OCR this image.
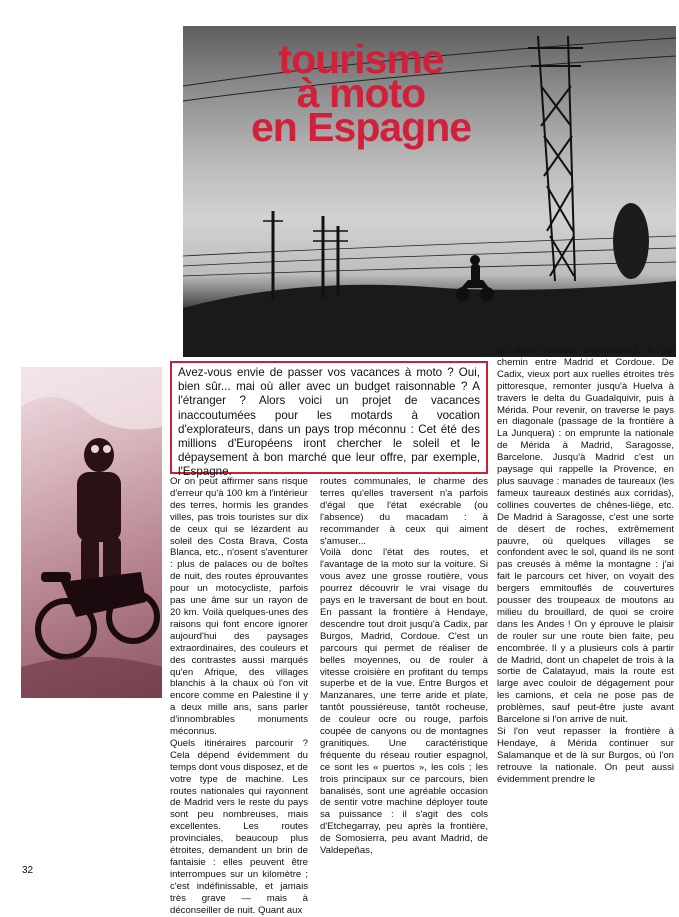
tourisme
à moto
en Espagne

Avez-vous envie de passer vos vacances à moto ? Oui, bien sûr... mai où aller avec un budget raisonnable ? A l'étranger ? Alors voici un projet de vacances inaccoutumées pour les motards à vocation d'explorateurs, dans un pays trop méconnu : Cet été des millions d'Européens iront chercher le soleil et le dépaysement à bon marché que leur offre, par exemple, l'Espagne.

Or on peut affirmer sans risque d'erreur qu'à 100 km à l'intérieur des terres, hormis les grandes villes, pas trois touristes sur dix de ceux qui se lézardent au soleil des Costa Brava, Costa Blanca, etc., n'osent s'aventurer : plus de palaces ou de boîtes de nuit, des routes éprouvantes pour un motocycliste, parfois pas une âme sur un rayon de 20 km. Voilà quelques-unes des raisons qui font encore ignorer aujourd'hui des paysages extraordinaires, des couleurs et des contrastes aussi marqués qu'en Afrique, des villages blanchis à la chaux où l'on vit encore comme en Palestine il y a deux mille ans, sans parler d'innombrables monuments méconnus.

Quels itinéraires parcourir ? Cela dépend évidemment du temps dont vous disposez, et de votre type de machine. Les routes nationales qui rayonnent de Madrid vers le reste du pays sont peu nombreuses, mais excellentes. Les routes provinciales, beaucoup plus étroites, demandent un brin de fantaisie : elles peuvent être interrompues sur un kilomètre ; c'est indéfinissable, et jamais très grave — mais à déconseiller de nuit. Quant aux

routes communales, le charme des terres qu'elles traversent n'a parfois d'égal que l'état exécrable (ou l'absence) du macadam : à recommander à ceux qui aiment s'amuser...

Voilà donc l'état des routes, et l'avantage de la moto sur la voiture. Si vous avez une grosse routière, vous pourrez découvrir le vrai visage du pays en le traversant de bout en bout. En passant la frontière à Hendaye, descendre tout droit jusqu'à Cadix, par Burgos, Madrid, Cordoue. C'est un parcours qui permet de réaliser de belles moyennes, ou de rouler à vitesse croisière en profitant du temps superbe et de la vue. Entre Burgos et Manzanares, une terre aride et plate, tantôt poussiéreuse, tantôt rocheuse, de couleur ocre ou rouge, parfois coupée de canyons ou de montagnes granitiques. Une caractéristique fréquente du réseau routier espagnol, ce sont les « puertos », les cols ; les trois principaux sur ce parcours, bien banalisés, sont une agréable occasion de sentir votre machine déployer toute sa puissance : il s'agit des cols d'Etchegarray, peu après la frontière, de Somosierra, peu avant Madrid, de Valdepeñas,

au décor naturel exceptionnel, à mi-chemin entre Madrid et Cordoue. De Cadix, vieux port aux ruelles étroites très pittoresque, remonter jusqu'à Huelva à travers le delta du Guadalquivir, puis à Mérida. Pour revenir, on traverse le pays en diagonale (passage de la frontière à La Junquera) : on emprunte la nationale de Mérida à Madrid, Saragosse, Barcelone. Jusqu'à Madrid c'est un paysage qui rappelle la Provence, en plus sauvage : manades de taureaux (les fameux taureaux destinés aux corridas), collines couvertes de chênes-liège, etc. De Madrid à Saragosse, c'est une sorte de désert de roches, extrêmement pauvre, où quelques villages se confondent avec le sol, quand ils ne sont pas creusés à même la montagne : j'ai fait le parcours cet hiver, on voyait des bergers emmitouflés de couvertures pousser des troupeaux de moutons au milieu du brouillard, de quoi se croire dans les Andes ! On y éprouve le plaisir de rouler sur une route bien faite, peu encombrée. Il y a plusieurs cols à partir de Madrid, dont un chapelet de trois à la sortie de Calatayud, mais la route est large avec couloir de dégagement pour les camions, et cela ne pose pas de problèmes, sauf peut-être juste avant Barcelone si l'on arrive de nuit.

Si l'on veut repasser la frontière à Hendaye, à Mérida continuer sur Salamanque et de là sur Burgos, où l'on retrouve la nationale. On peut aussi évidemment prendre le

32
